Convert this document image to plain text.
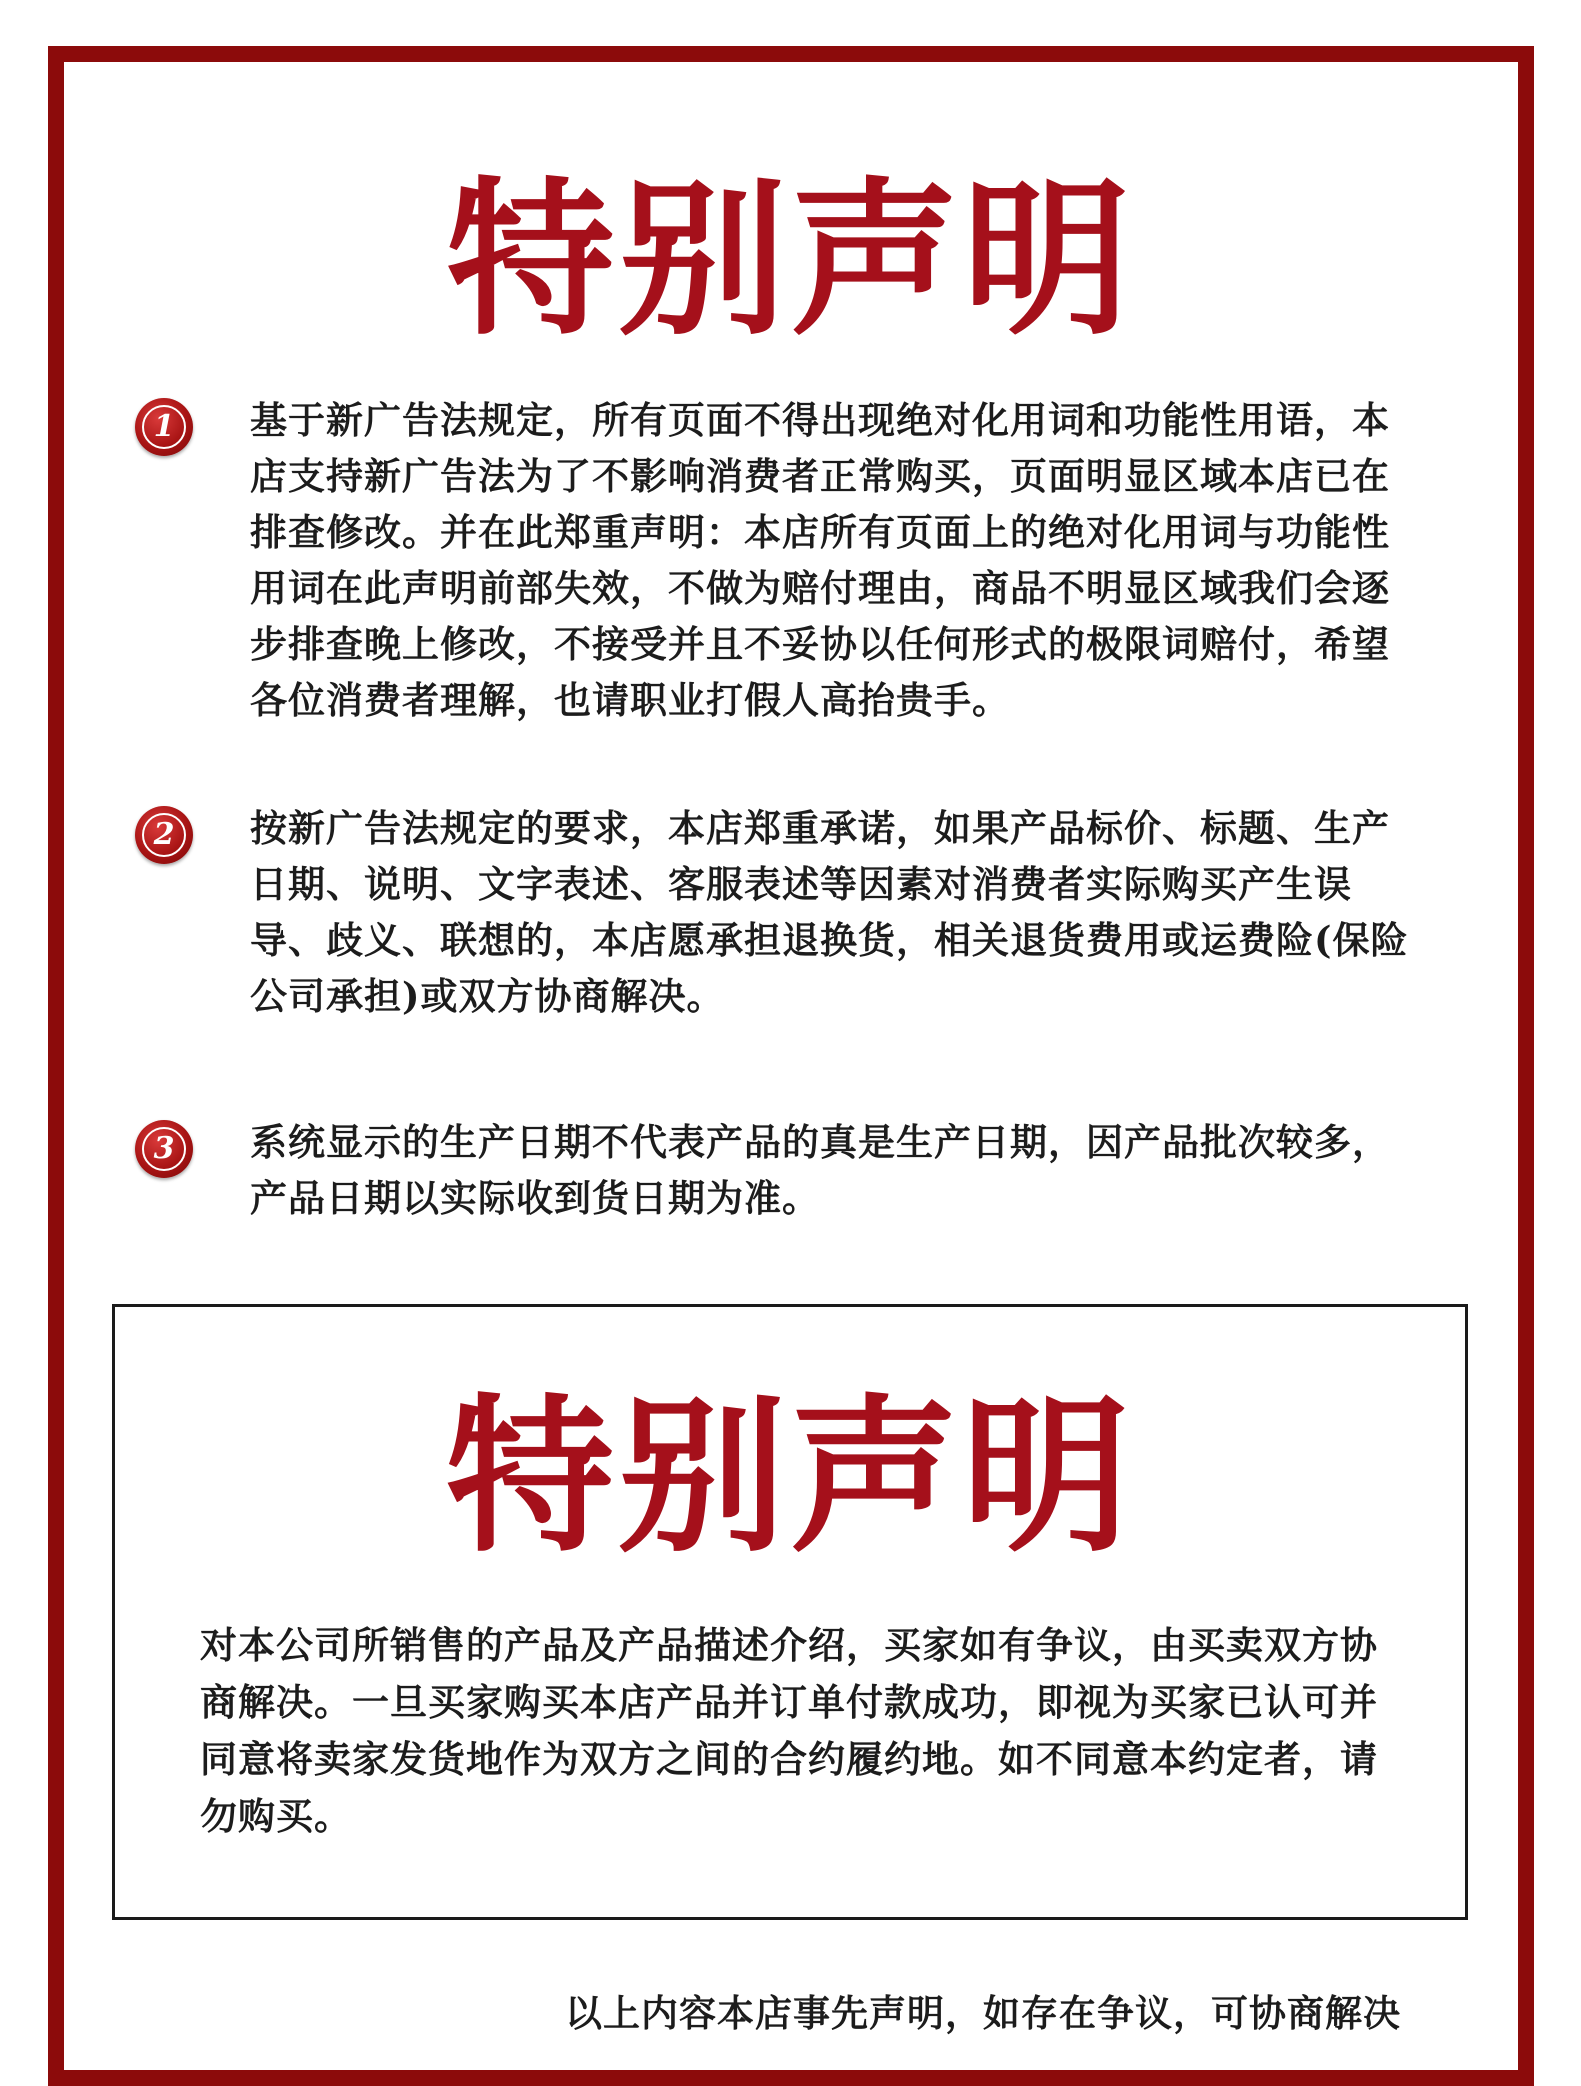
特别声明
1	基于新广告法规定，所有页面不得出现绝对化用词和功能性用语，本店支持新广告法为了不影响消费者正常购买，页面明显区域本店已在排查修改。并在此郑重声明：本店所有页面上的绝对化用词与功能性用词在此声明前部失效，不做为赔付理由，商品不明显区域我们会逐步排查晚上修改，不接受并且不妥协以任何形式的极限词赔付，希望各位消费者理解，也请职业打假人高抬贵手。

2	按新广告法规定的要求，本店郑重承诺，如果产品标价、标题、生产日期、说明、文字表述、客服表述等因素对消费者实际购买产生误导、歧义、联想的，本店愿承担退换货，相关退货费用或运费险(保险公司承担)或双方协商解决。

3	系统显示的生产日期不代表产品的真是生产日期，因产品批次较多，产品日期以实际收到货日期为准。

特别声明

对本公司所销售的产品及产品描述介绍，买家如有争议，由买卖双方协商解决。一旦买家购买本店产品并订单付款成功，即视为买家已认可并同意将卖家发货地作为双方之间的合约履约地。如不同意本约定者，请勿购买。

以上内容本店事先声明，如存在争议，可协商解决
